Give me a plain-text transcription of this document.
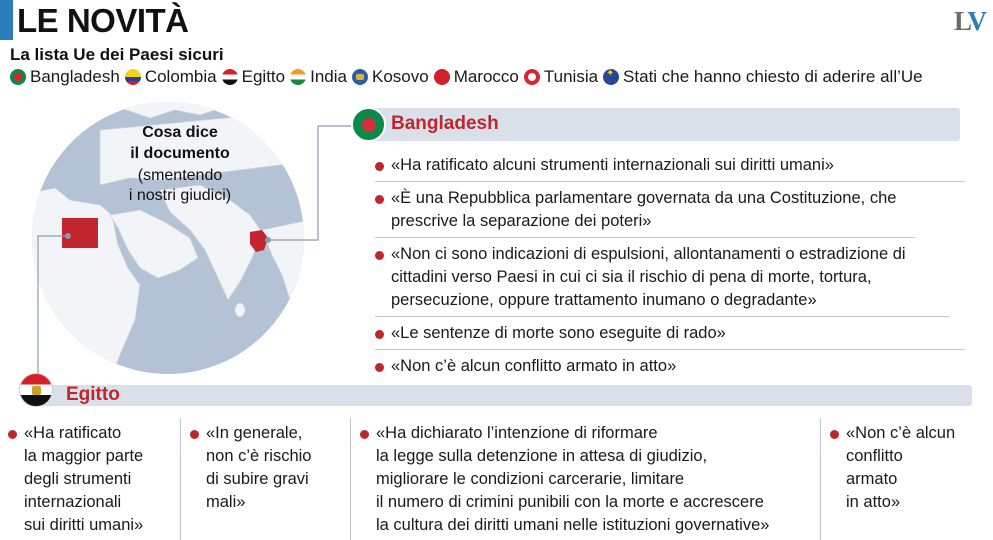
LE NOVITÀ	LV
La lista Ue dei Paesi sicuri
Bangladesh Colombia Egitto India Kosovo Marocco Tunisia
✦ Stati che hanno chiesto di aderire all’Ue
Cosa dice
il documento
(smentendo
i nostri giudici)
Bangladesh
«Ha ratificato alcuni strumenti internazionali sui diritti umani»
«È una Repubblica parlamentare governata da una Costituzione, che prescrive la separazione dei poteri»
«Non ci sono indicazioni di espulsioni, allontanamenti o estradizione di cittadini verso Paesi in cui ci sia il rischio di pena di morte, tortura, persecuzione, oppure trattamento inumano o degradante»
«Le sentenze di morte sono eseguite di rado»
«Non c’è alcun conflitto armato in atto»
Egitto
«Ha ratificato
la maggior parte
degli strumenti
internazionali
sui diritti umani»
«In generale,
non c’è rischio
di subire gravi
mali»
«Ha dichiarato l’intenzione di riformare
la legge sulla detenzione in attesa di giudizio,
migliorare le condizioni carcerarie, limitare
il numero di crimini punibili con la morte e accrescere
la cultura dei diritti umani nelle istituzioni governative»
«Non c’è alcun
conflitto
armato
in atto»
